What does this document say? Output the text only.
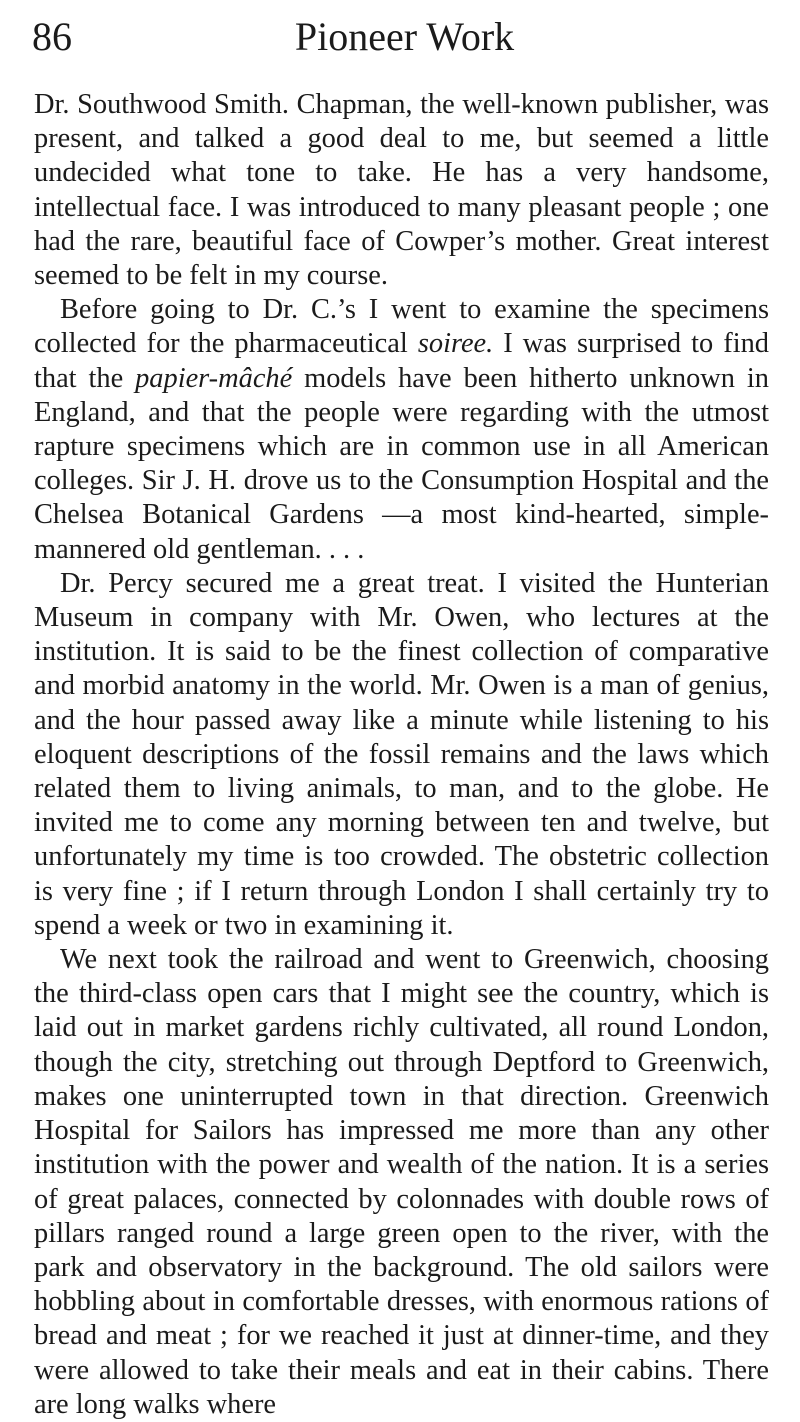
86	Pioneer Work

Dr. Southwood Smith. Chapman, the well-known publisher, was present, and talked a good deal to me, but seemed a little undecided what tone to take. He has a very handsome, intellectual face. I was introduced to many pleasant people ; one had the rare, beautiful face of Cowper’s mother. Great interest seemed to be felt in my course.

Before going to Dr. C.’s I went to examine the specimens collected for the pharmaceutical soiree. I was surprised to find that the papier-mâché models have been hitherto unknown in England, and that the people were regarding with the utmost rapture specimens which are in common use in all American colleges. Sir J. H. drove us to the Consumption Hospital and the Chelsea Botanical Gardens —a most kind-hearted, simple-mannered old gentleman. . . .

Dr. Percy secured me a great treat. I visited the Hunterian Museum in company with Mr. Owen, who lectures at the institution. It is said to be the finest collection of comparative and morbid anatomy in the world. Mr. Owen is a man of genius, and the hour passed away like a minute while listening to his eloquent descriptions of the fossil remains and the laws which related them to living animals, to man, and to the globe. He invited me to come any morning between ten and twelve, but unfortunately my time is too crowded. The obstetric collection is very fine ; if I return through London I shall certainly try to spend a week or two in examining it.

We next took the railroad and went to Greenwich, choosing the third-class open cars that I might see the country, which is laid out in market gardens richly cultivated, all round London, though the city, stretching out through Deptford to Greenwich, makes one uninterrupted town in that direction. Greenwich Hospital for Sailors has impressed me more than any other institution with the power and wealth of the nation. It is a series of great palaces, connected by colonnades with double rows of pillars ranged round a large green open to the river, with the park and observatory in the background. The old sailors were hobbling about in comfortable dresses, with enormous rations of bread and meat ; for we reached it just at dinner-time, and they were allowed to take their meals and eat in their cabins. There are long walks where
